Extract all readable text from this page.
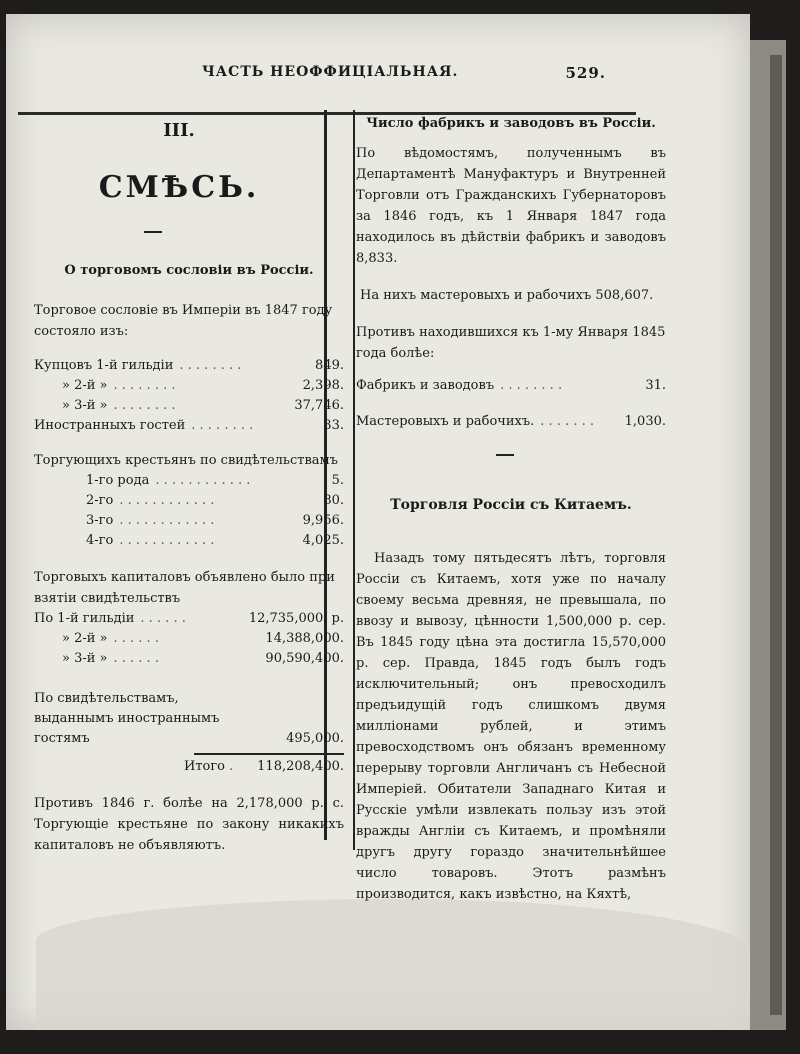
ЧАСТЬ НЕОФФИЦІАЛЬНАЯ.	529.
III.
СМѢСЬ.
О торговомъ сословіи въ Россіи.

Торговое сословіе въ Имперіи въ 1847 году состояло изъ:

Купцовъ 1-й гильдіи . . . . . . . .	849.
» 2-й » . . . . . . . .	2,398.
» 3-й » . . . . . . . .	37,746.
Иностранныхъ гостей . . . . . . . .	33.

Торгующихъ крестьянъ по свидѣтельствамъ

1-го рода . . . . . . . . . . . .	5.
2-го . . . . . . . . . . . .	80.
3-го . . . . . . . . . . . .	9,956.
4-го . . . . . . . . . . . .	4,025.

Торговыхъ капиталовъ объявлено было при взятіи свидѣтельствъ

По 1-й гильдіи . . . . . .	12,735,000. р.
» 2-й » . . . . . .	14,388,000.
» 3-й » . . . . . .	90,590,400.
По свидѣтельствамъ, выданнымъ иностраннымъ гостямъ	495,000.
Итого .	118,208,400.

Противъ 1846 г. болѣе на 2,178,000 р. с. Торгующіе крестьяне по закону никакихъ капиталовъ не объявляютъ.

Число фабрикъ и заводовъ въ Россіи.

По вѣдомостямъ, полученнымъ въ Департаментѣ Мануфактуръ и Внутренней Торговли отъ Гражданскихъ Губернаторовъ за 1846 годъ, къ 1 Января 1847 года находилось въ дѣйствіи фабрикъ и заводовъ 8,833.

На нихъ мастеровыхъ и рабочихъ 508,607.

Противъ находившихся къ 1-му Января 1845 года болѣе:

Фабрикъ и заводовъ . . . . . . . .	31.
Мастеровыхъ и рабочихъ. . . . . . . .	1,030.
Торговля Россіи съ Китаемъ.

Назадъ тому пятьдесятъ лѣтъ, торговля Россіи съ Китаемъ, хотя уже по началу своему весьма древняя, не превышала, по ввозу и вывозу, цѣнности 1,500,000 р. сер. Въ 1845 году цѣна эта достигла 15,570,000 р. сер. Правда, 1845 годъ былъ годъ исключительный; онъ превосходилъ предъидущій годъ слишкомъ двумя милліонами рублей, и этимъ превосходствомъ онъ обязанъ временному перерыву торговли Англичанъ съ Небесной Имперіей. Обитатели Западнаго Китая и Русскіе умѣли извлекать пользу изъ этой вражды Англіи съ Китаемъ, и промѣняли другъ другу гораздо значительнѣйшее число товаровъ. Этотъ размѣнъ производится, какъ извѣстно, на Кяхтѣ,
